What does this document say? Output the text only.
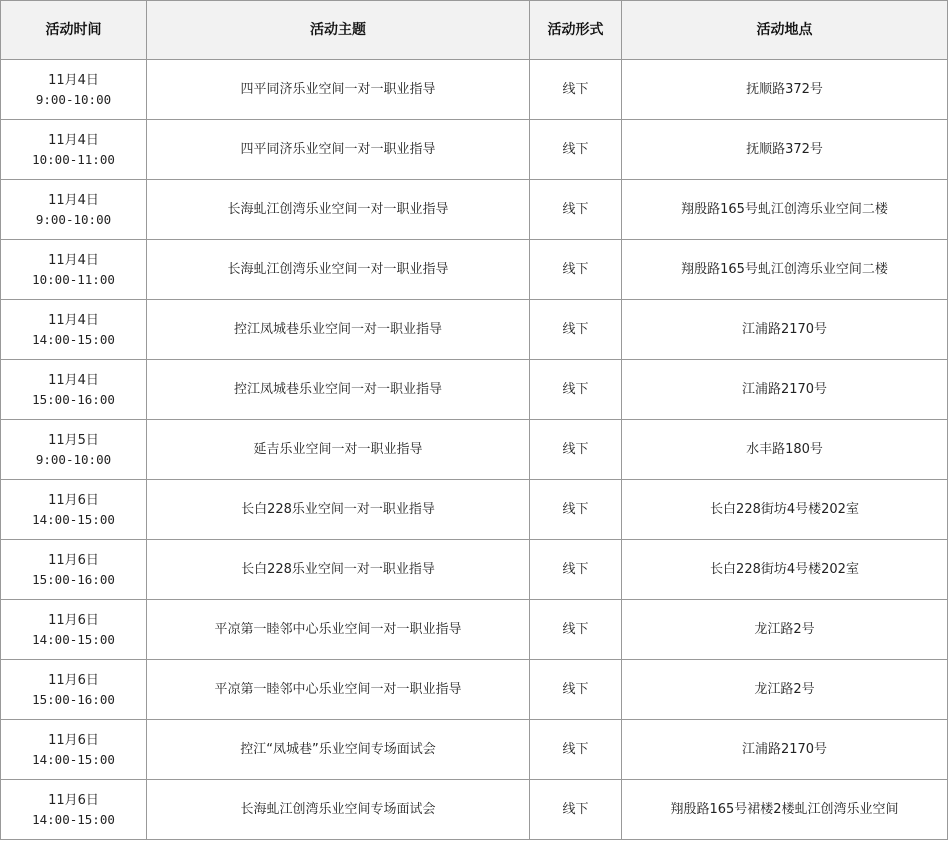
活动时间	活动主题	活动形式	活动地点

11月4日
9:00-10:00	四平同济乐业空间一对一职业指导	线下	抚顺路372号

11月4日
10:00-11:00	四平同济乐业空间一对一职业指导	线下	抚顺路372号

11月4日
9:00-10:00	长海虬江创湾乐业空间一对一职业指导	线下	翔殷路165号虬江创湾乐业空间二楼

11月4日
10:00-11:00	长海虬江创湾乐业空间一对一职业指导	线下	翔殷路165号虬江创湾乐业空间二楼

11月4日
14:00-15:00	控江凤城巷乐业空间一对一职业指导	线下	江浦路2170号

11月4日
15:00-16:00	控江凤城巷乐业空间一对一职业指导	线下	江浦路2170号

11月5日
9:00-10:00	延吉乐业空间一对一职业指导	线下	水丰路180号

11月6日
14:00-15:00	长白228乐业空间一对一职业指导	线下	长白228街坊4号楼202室

11月6日
15:00-16:00	长白228乐业空间一对一职业指导	线下	长白228街坊4号楼202室

11月6日
14:00-15:00	平凉第一睦邻中心乐业空间一对一职业指导	线下	龙江路2号

11月6日
15:00-16:00	平凉第一睦邻中心乐业空间一对一职业指导	线下	龙江路2号

11月6日
14:00-15:00	控江“凤城巷”乐业空间专场面试会	线下	江浦路2170号

11月6日
14:00-15:00	长海虬江创湾乐业空间专场面试会	线下	翔殷路165号裙楼2楼虬江创湾乐业空间
